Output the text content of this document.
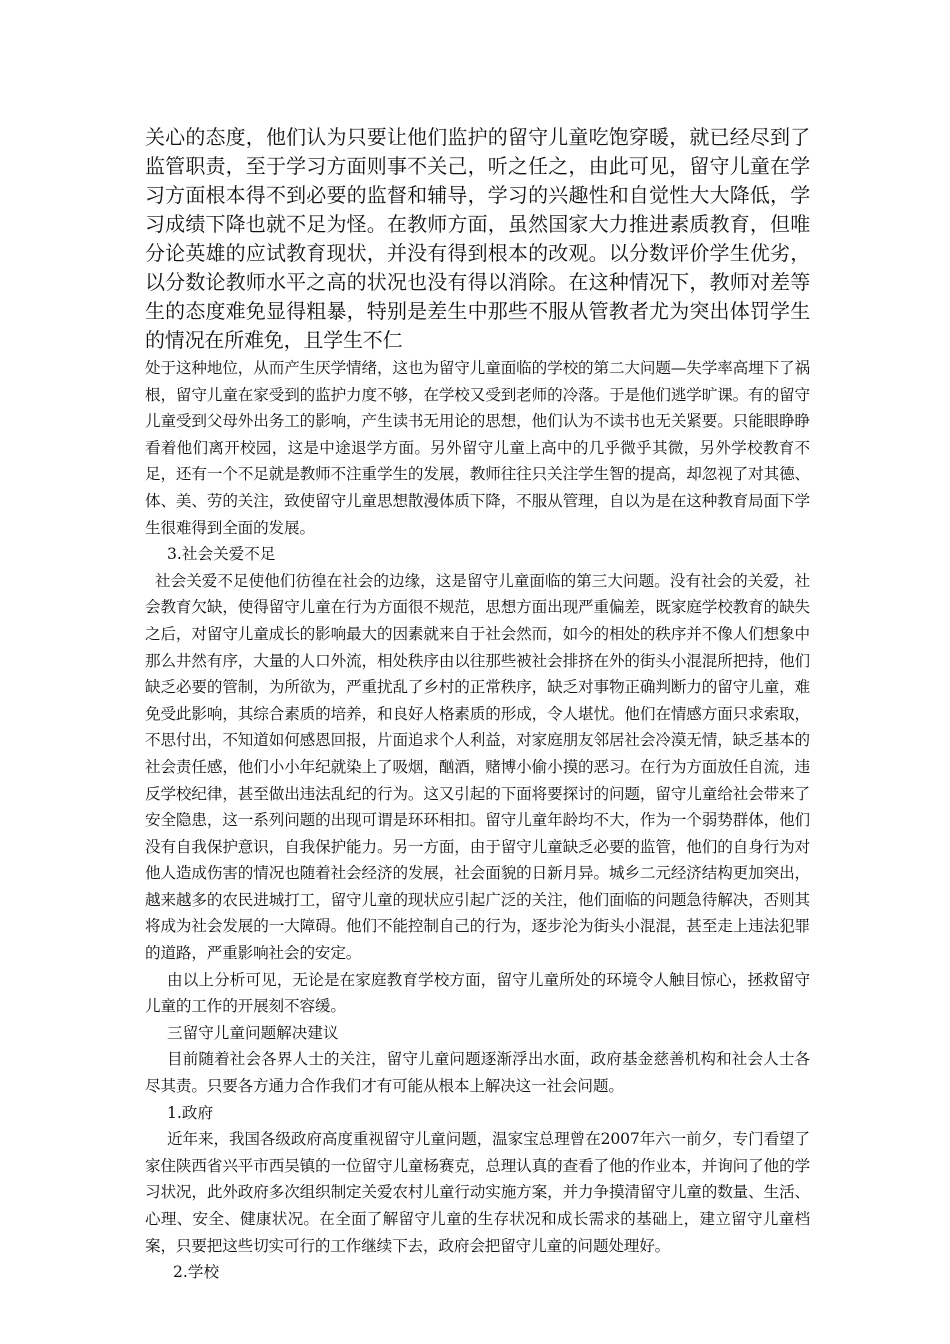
关心的态度，他们认为只要让他们监护的留守儿童吃饱穿暖，就已经尽到了监管职责，至于学习方面则事不关己，听之任之，由此可见，留守儿童在学习方面根本得不到必要的监督和辅导，学习的兴趣性和自觉性大大降低，学习成绩下降也就不足为怪。在教师方面，虽然国家大力推进素质教育，但唯分论英雄的应试教育现状，并没有得到根本的改观。以分数评价学生优劣，以分数论教师水平之高的状况也没有得以消除。在这种情况下，教师对差等生的态度难免显得粗暴，特别是差生中那些不服从管教者尤为突出体罚学生的情况在所难免，且学生不仁

处于这种地位，从而产生厌学情绪，这也为留守儿童面临的学校的第二大问题—失学率高埋下了祸根，留守儿童在家受到的监护力度不够，在学校又受到老师的冷落。于是他们逃学旷课。有的留守儿童受到父母外出务工的影响，产生读书无用论的思想，他们认为不读书也无关紧要。只能眼睁睁看着他们离开校园，这是中途退学方面。另外留守儿童上高中的几乎微乎其微，另外学校教育不足，还有一个不足就是教师不注重学生的发展，教师往往只关注学生智的提高，却忽视了对其德、体、美、劳的关注，致使留守儿童思想散漫体质下降，不服从管理，自以为是在这种教育局面下学生很难得到全面的发展。

3.社会关爱不足

社会关爱不足使他们彷徨在社会的边缘，这是留守儿童面临的第三大问题。没有社会的关爱，社会教育欠缺，使得留守儿童在行为方面很不规范，思想方面出现严重偏差，既家庭学校教育的缺失之后，对留守儿童成长的影响最大的因素就来自于社会然而，如今的相处的秩序并不像人们想象中那么井然有序，大量的人口外流，相处秩序由以往那些被社会排挤在外的街头小混混所把持，他们缺乏必要的管制，为所欲为，严重扰乱了乡村的正常秩序，缺乏对事物正确判断力的留守儿童，难免受此影响，其综合素质的培养，和良好人格素质的形成，令人堪忧。他们在情感方面只求索取，不思付出，不知道如何感恩回报，片面追求个人利益，对家庭朋友邻居社会冷漠无情，缺乏基本的社会责任感，他们小小年纪就染上了吸烟，酗酒，赌博小偷小摸的恶习。在行为方面放任自流，违反学校纪律，甚至做出违法乱纪的行为。这又引起的下面将要探讨的问题，留守儿童给社会带来了安全隐患，这一系列问题的出现可谓是环环相扣。留守儿童年龄均不大，作为一个弱势群体，他们没有自我保护意识，自我保护能力。另一方面，由于留守儿童缺乏必要的监管，他们的自身行为对他人造成伤害的情况也随着社会经济的发展，社会面貌的日新月异。城乡二元经济结构更加突出，越来越多的农民进城打工，留守儿童的现状应引起广泛的关注，他们面临的问题急待解决，否则其将成为社会发展的一大障碍。他们不能控制自己的行为，逐步沦为街头小混混，甚至走上违法犯罪的道路，严重影响社会的安定。

由以上分析可见，无论是在家庭教育学校方面，留守儿童所处的环境令人触目惊心，拯救留守儿童的工作的开展刻不容缓。

三留守儿童问题解决建议

目前随着社会各界人士的关注，留守儿童问题逐渐浮出水面，政府基金慈善机构和社会人士各尽其责。只要各方通力合作我们才有可能从根本上解决这一社会问题。

1.政府

近年来，我国各级政府高度重视留守儿童问题，温家宝总理曾在2007年六一前夕，专门看望了家住陕西省兴平市西吴镇的一位留守儿童杨赛克，总理认真的查看了他的作业本，并询问了他的学习状况，此外政府多次组织制定关爱农村儿童行动实施方案，并力争摸清留守儿童的数量、生活、心理、安全、健康状况。在全面了解留守儿童的生存状况和成长需求的基础上，建立留守儿童档案，只要把这些切实可行的工作继续下去，政府会把留守儿童的问题处理好。

2.学校
